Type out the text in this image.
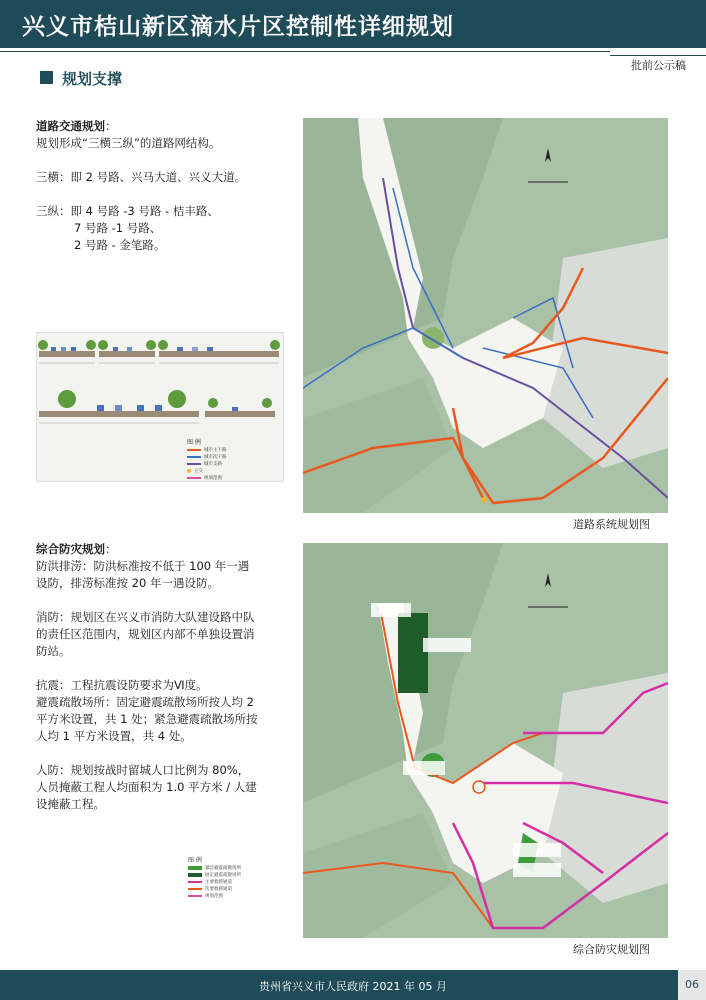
兴义市桔山新区滴水片区控制性详细规划
批前公示稿
规划支撑

道路交通规划：

规划形成“三横三纵”的道路网结构。

三横：即 2 号路、兴马大道、兴义大道。

三纵：即 4 号路 -3 号路 - 桔丰路、

7 号路 -1 号路、

2 号路 - 金笔路。

图 例
城市主干路
城市次干路
城市支路
立交
规划范围
道路系统规划图

综合防灾规划：

防洪排涝：防洪标准按不低于 100 年一遇

设防，排涝标准按 20 年一遇设防。

消防：规划区在兴义市消防大队建设路中队

的责任区范围内，规划区内部不单独设置消

防站。

抗震：工程抗震设防要求为Ⅵ度。

避震疏散场所：固定避震疏散场所按人均 2

平方米设置，共 1 处；紧急避震疏散场所按

人均 1 平方米设置，共 4 处。

人防：规划按战时留城人口比例为 80%，

人员掩蔽工程人均面积为 1.0 平方米 / 人建

设掩蔽工程。

图 例
紧急避震疏散场所
固定避震疏散场所
主要救援通道
次要救援通道
规划范围
综合防灾规划图
贵州省兴义市人民政府 2021 年 05 月	06
